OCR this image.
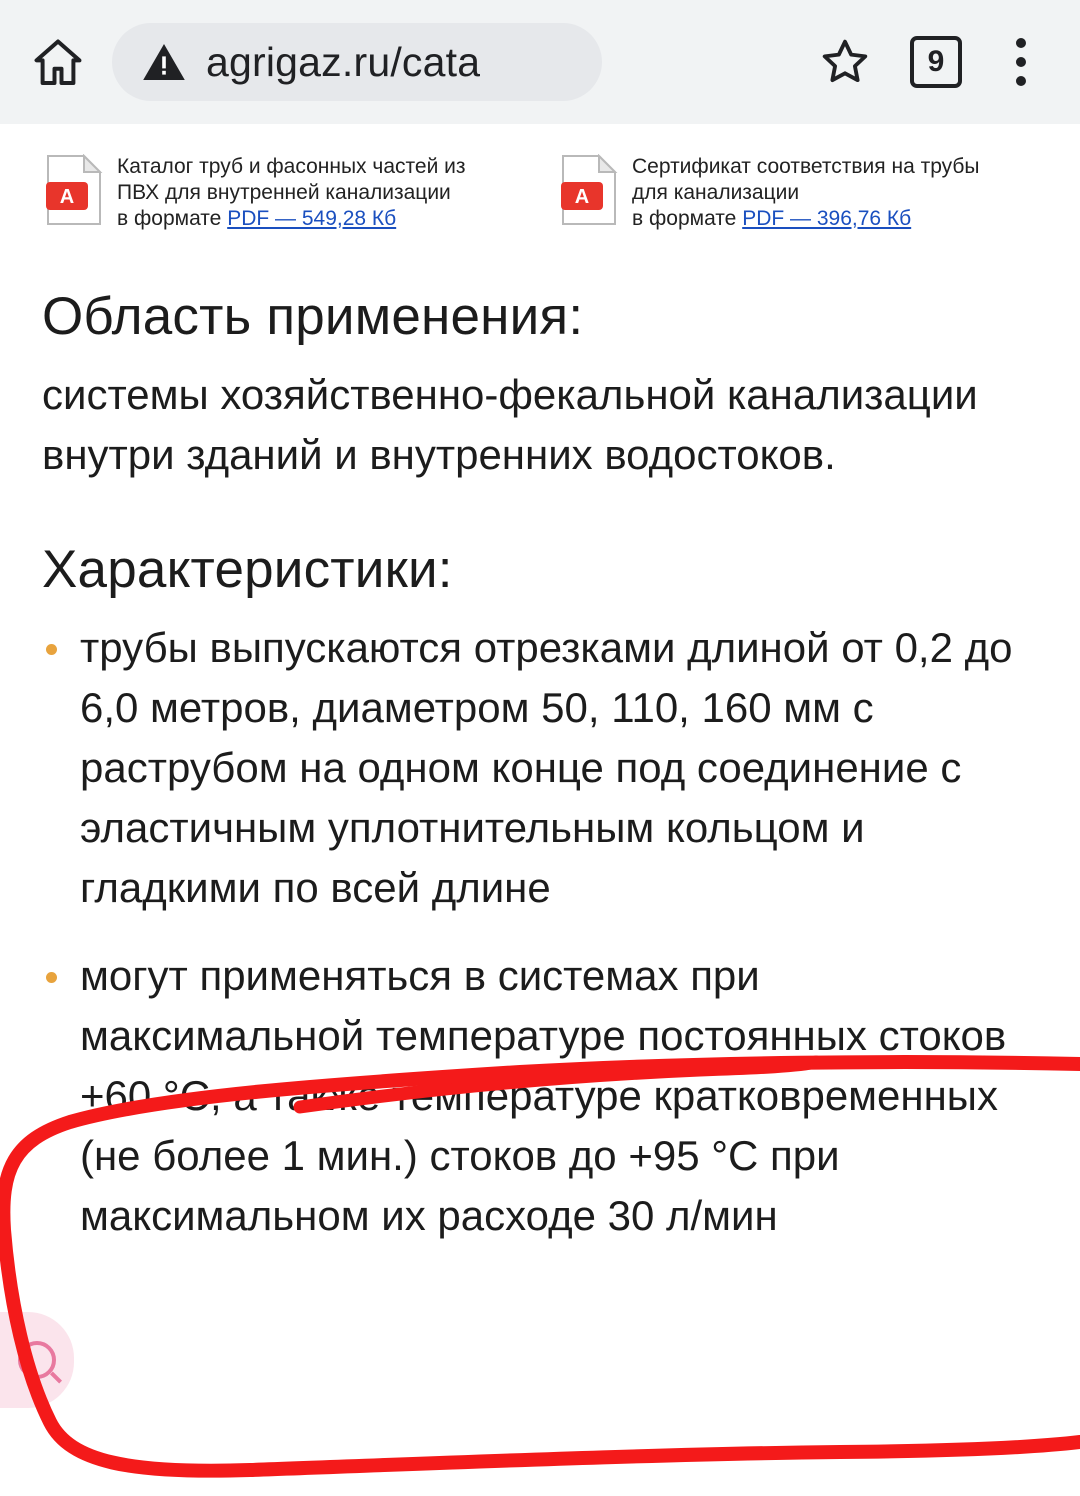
agrigaz.ru/cata	9
A
Каталог труб и фасонных частей из
ПВХ для внутренней канализации
в формате PDF — 549,28 Кб
A
Сертификат соответствия на трубы
для канализации
в формате PDF — 396,76 Кб
Область применения:

системы хозяйственно-фекальной канализации внутри зданий и внутренних водостоков.

Характеристики:
трубы выпускаются отрезками длиной от 0,2 до 6,0 метров, диаметром 50, 110, 160 мм с раструбом на одном конце под соединение с эластичным уплотнительным кольцом и гладкими по всей длине
могут применяться в системах при максимальной температуре постоянных стоков +60 °C, а также температуре кратковременных (не более 1 мин.) стоков до +95 °C при максимальном их расходе 30 л/мин
